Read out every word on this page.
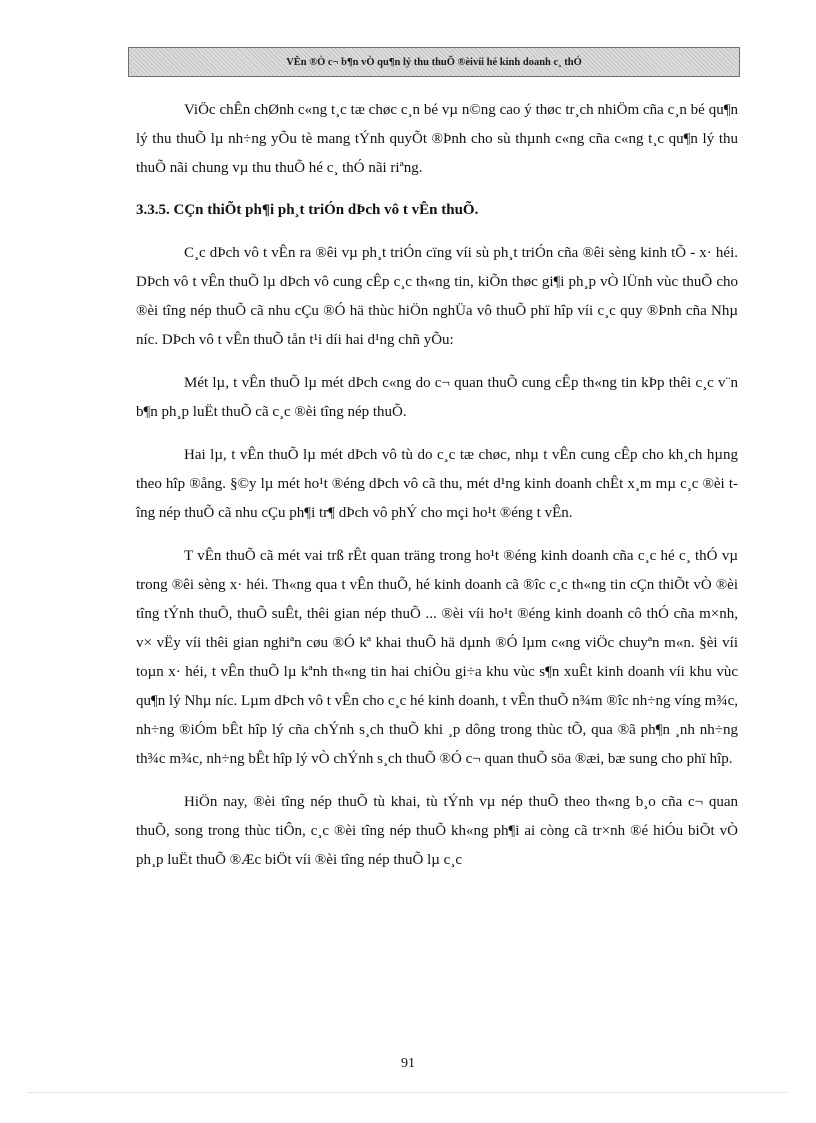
VÊn ®Ò c¬ b¶n vÒ qu¶n lý thu thuÕ ®èivíi hé kinh doanh c¸ thÓ

ViÖc chÊn chØnh c«ng t¸c tæ chøc c¸n bé vµ n©ng cao ý thøc tr¸ch nhiÖm cña c¸n bé qu¶n lý thu thuÕ lµ nh÷ng yÕu tè mang tÝnh quyÕt ®Þnh cho sù thµnh c«ng cña c«ng t¸c qu¶n lý thu thuÕ nãi chung vµ thu thuÕ hé c¸ thÓ nãi riªng.

3.3.5. CÇn thiÕt ph¶i ph¸t triÓn dÞch vô t vÊn thuÕ.

C¸c dÞch vô t vÊn ra ®êi vµ ph¸t triÓn cïng víi sù ph¸t triÓn cña ®êi sèng kinh tÕ - x· héi. DÞch vô t vÊn thuÕ lµ dÞch vô cung cÊp c¸c th«ng tin, kiÕn thøc gi¶i ph¸p vÒ lÜnh vùc thuÕ cho ®èi tîng nép thuÕ cã nhu cÇu ®Ó hä thùc hiÖn nghÜa vô thuÕ phï hîp víi c¸c quy ®Þnh cña Nhµ níc. DÞch vô t vÊn thuÕ tån t¹i díi hai d¹ng chñ yÕu:

Mét lµ, t vÊn thuÕ lµ mét dÞch c«ng do c¬ quan thuÕ cung cÊp th«ng tin kÞp thêi c¸c v¨n b¶n ph¸p luËt thuÕ cã c¸c ®èi tîng nép thuÕ.

Hai lµ, t vÊn thuÕ lµ mét dÞch vô tù do c¸c tæ chøc, nhµ t vÊn cung cÊp cho kh¸ch hµng theo hîp ®ång. §©y lµ mét ho¹t ®éng dÞch vô cã thu, mét d¹ng kinh doanh chÊt x¸m mµ c¸c ®èi tîng nép thuÕ cã nhu cÇu ph¶i tr¶ dÞch vô phÝ cho mçi ho¹t ®éng t vÊn.

T vÊn thuÕ cã mét vai trß rÊt quan träng trong ho¹t ®éng kinh doanh cña c¸c hé c¸ thÓ vµ trong ®êi sèng x· héi. Th«ng qua t vÊn thuÕ, hé kinh doanh cã ®îc c¸c th«ng tin cÇn thiÕt vÒ ®èi tîng tÝnh thuÕ, thuÕ suÊt, thêi gian nép thuÕ ... ®èi víi ho¹t ®éng kinh doanh cô thÓ cña m×nh, v× vËy víi thêi gian nghiªn cøu ®Ó kª khai thuÕ hä dµnh ®Ó lµm c«ng viÖc chuyªn m«n. §èi víi toµn x· héi, t vÊn thuÕ lµ kªnh th«ng tin hai chiÒu gi÷a khu vùc s¶n xuÊt kinh doanh víi khu vùc qu¶n lý Nhµ níc. Lµm dÞch vô t vÊn cho c¸c hé kinh doanh, t vÊn thuÕ n¾m ®îc nh÷ng víng m¾c, nh÷ng ®iÓm bÊt hîp lý cña chÝnh s¸ch thuÕ khi ¸p dông trong thùc tÕ, qua ®ã ph¶n ¸nh nh÷ng th¾c m¾c, nh÷ng bÊt hîp lý vÒ chÝnh s¸ch thuÕ ®Ó c¬ quan thuÕ söa ®æi, bæ sung cho phï hîp.

HiÖn nay, ®èi tîng nép thuÕ tù khai, tù tÝnh vµ nép thuÕ theo th«ng b¸o cña c¬ quan thuÕ, song trong thùc tiÔn, c¸c ®èi tîng nép thuÕ kh«ng ph¶i ai còng cã tr×nh ®é hiÓu biÕt vÒ ph¸p luËt thuÕ ®Æc biÖt víi ®èi tîng nép thuÕ lµ c¸c

91
